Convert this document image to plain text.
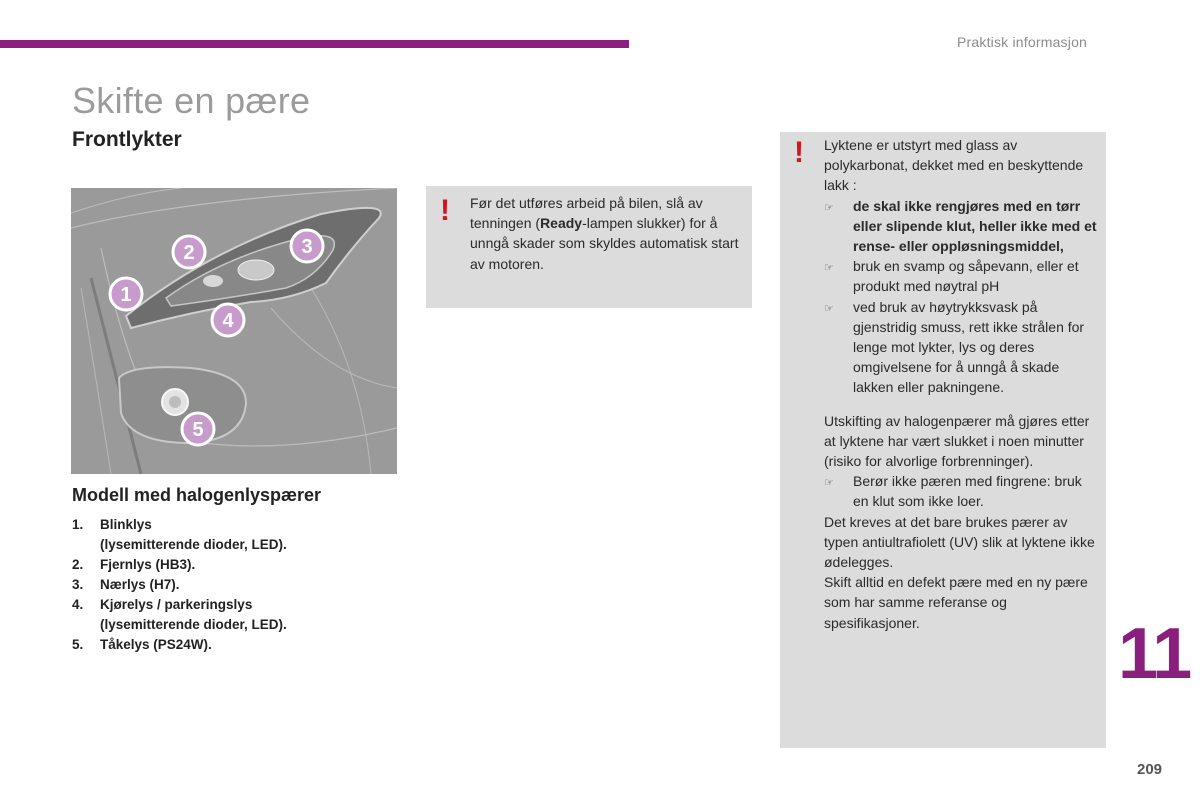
Praktisk informasjon
Skifte en pære
Frontlykter
1
2	3
4
5
Modell med halogenlyspærer
1.	Blinklys
(lysemitterende dioder, LED).
2.	Fjernlys (HB3).
3.	Nærlys (H7).
4.	Kjørelys / parkeringslys
(lysemitterende dioder, LED).
5.	Tåkelys (PS24W).
! Før det utføres arbeid på bilen, slå av tenningen (Ready-lampen slukker) for å unngå skader som skyldes automatisk start av motoren.
! Lyktene er utstyrt med glass av polykarbonat, dekket med en beskyttende lakk :

☞	de skal ikke rengjøres med en tørr eller slipende klut, heller ikke med et rense- eller oppløsningsmiddel,
☞	bruk en svamp og såpevann, eller et produkt med nøytral pH
☞	ved bruk av høytrykksvask på gjenstridig smuss, rett ikke strålen for lenge mot lykter, lys og deres omgivelsene for å unngå å skade lakken eller pakningene.

Utskifting av halogenpærer må gjøres etter at lyktene har vært slukket i noen minutter (risiko for alvorlige forbrenninger).

☞	Berør ikke pæren med fingrene: bruk en klut som ikke loer.

Det kreves at det bare brukes pærer av typen antiultrafiolett (UV) slik at lyktene ikke ødelegges.

Skift alltid en defekt pære med en ny pære som har samme referanse og spesifikasjoner.	11
209
